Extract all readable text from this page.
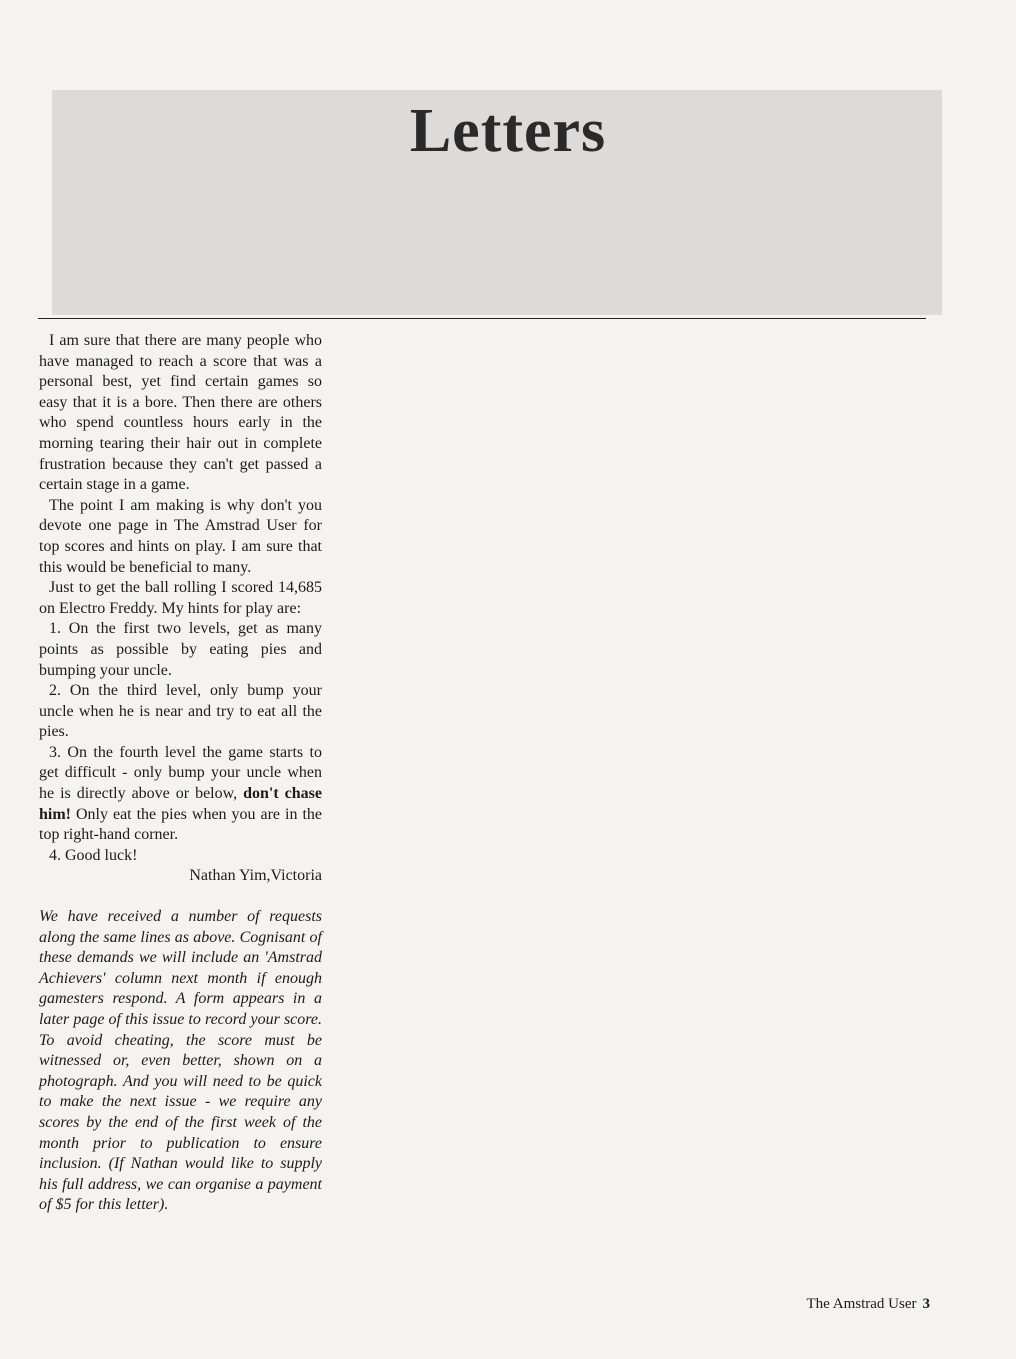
Letters

I am sure that there are many people who have managed to reach a score that was a personal best, yet find certain games so easy that it is a bore. Then there are others who spend countless hours early in the morning tearing their hair out in complete frustration because they can't get passed a certain stage in a game.

The point I am making is why don't you devote one page in The Amstrad User for top scores and hints on play. I am sure that this would be beneficial to many.

Just to get the ball rolling I scored 14,685 on Electro Freddy. My hints for play are:

1. On the first two levels, get as many points as possible by eating pies and bumping your uncle.

2. On the third level, only bump your uncle when he is near and try to eat all the pies.

3. On the fourth level the game starts to get difficult - only bump your uncle when he is directly above or below, don't chase him! Only eat the pies when you are in the top right-hand corner.

4. Good luck!

Nathan Yim,Victoria

We have received a number of requests along the same lines as above. Cognisant of these demands we will include an 'Amstrad Achievers' column next month if enough gamesters respond. A form appears in a later page of this issue to record your score. To avoid cheating, the score must be witnessed or, even better, shown on a photograph. And you will need to be quick to make the next issue - we require any scores by the end of the first week of the month prior to publication to ensure inclusion. (If Nathan would like to supply his full address, we can organise a payment of $5 for this letter).

The Amstrad User 3
